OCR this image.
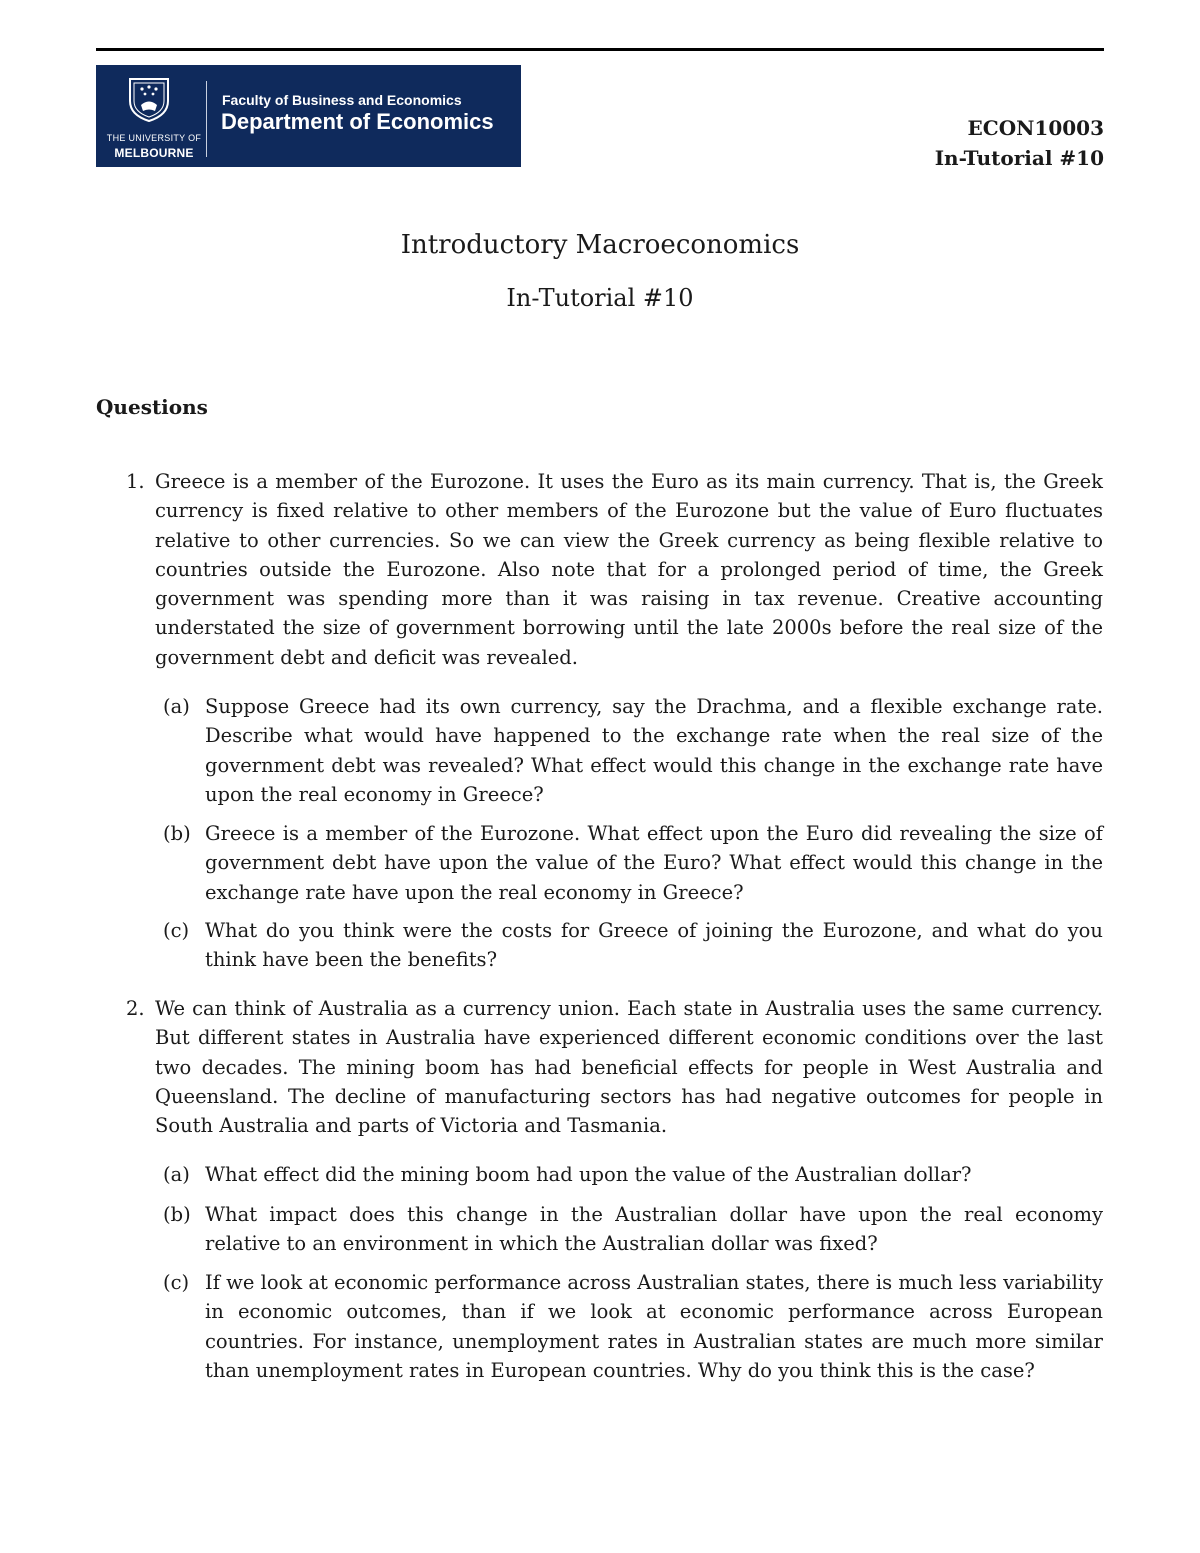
THE UNIVERSITY OF
MELBOURNE
Faculty of Business and Economics
Department of Economics	ECON10003
In-Tutorial #10
Introductory Macroeconomics
In-Tutorial #10
Questions
1. Greece is a member of the Eurozone. It uses the Euro as its main currency. That is, the Greek currency is fixed relative to other members of the Eurozone but the value of Euro fluctuates relative to other currencies. So we can view the Greek currency as being flexible relative to countries outside the Eurozone. Also note that for a prolonged period of time, the Greek government was spending more than it was raising in tax revenue. Creative accounting understated the size of government borrowing until the late 2000s before the real size of the government debt and deficit was revealed.
(a) Suppose Greece had its own currency, say the Drachma, and a flexible exchange rate. Describe what would have happened to the exchange rate when the real size of the government debt was revealed? What effect would this change in the exchange rate have upon the real economy in Greece?
(b) Greece is a member of the Eurozone. What effect upon the Euro did revealing the size of government debt have upon the value of the Euro? What effect would this change in the exchange rate have upon the real economy in Greece?
(c) What do you think were the costs for Greece of joining the Eurozone, and what do you think have been the benefits?
2. We can think of Australia as a currency union. Each state in Australia uses the same currency. But different states in Australia have experienced different economic conditions over the last two decades. The mining boom has had beneficial effects for people in West Australia and Queensland. The decline of manufacturing sectors has had negative outcomes for people in South Australia and parts of Victoria and Tasmania.
(a) What effect did the mining boom had upon the value of the Australian dollar?
(b) What impact does this change in the Australian dollar have upon the real economy relative to an environment in which the Australian dollar was fixed?
(c) If we look at economic performance across Australian states, there is much less variability in economic outcomes, than if we look at economic performance across European countries. For instance, unemployment rates in Australian states are much more similar than unemployment rates in European countries. Why do you think this is the case?
